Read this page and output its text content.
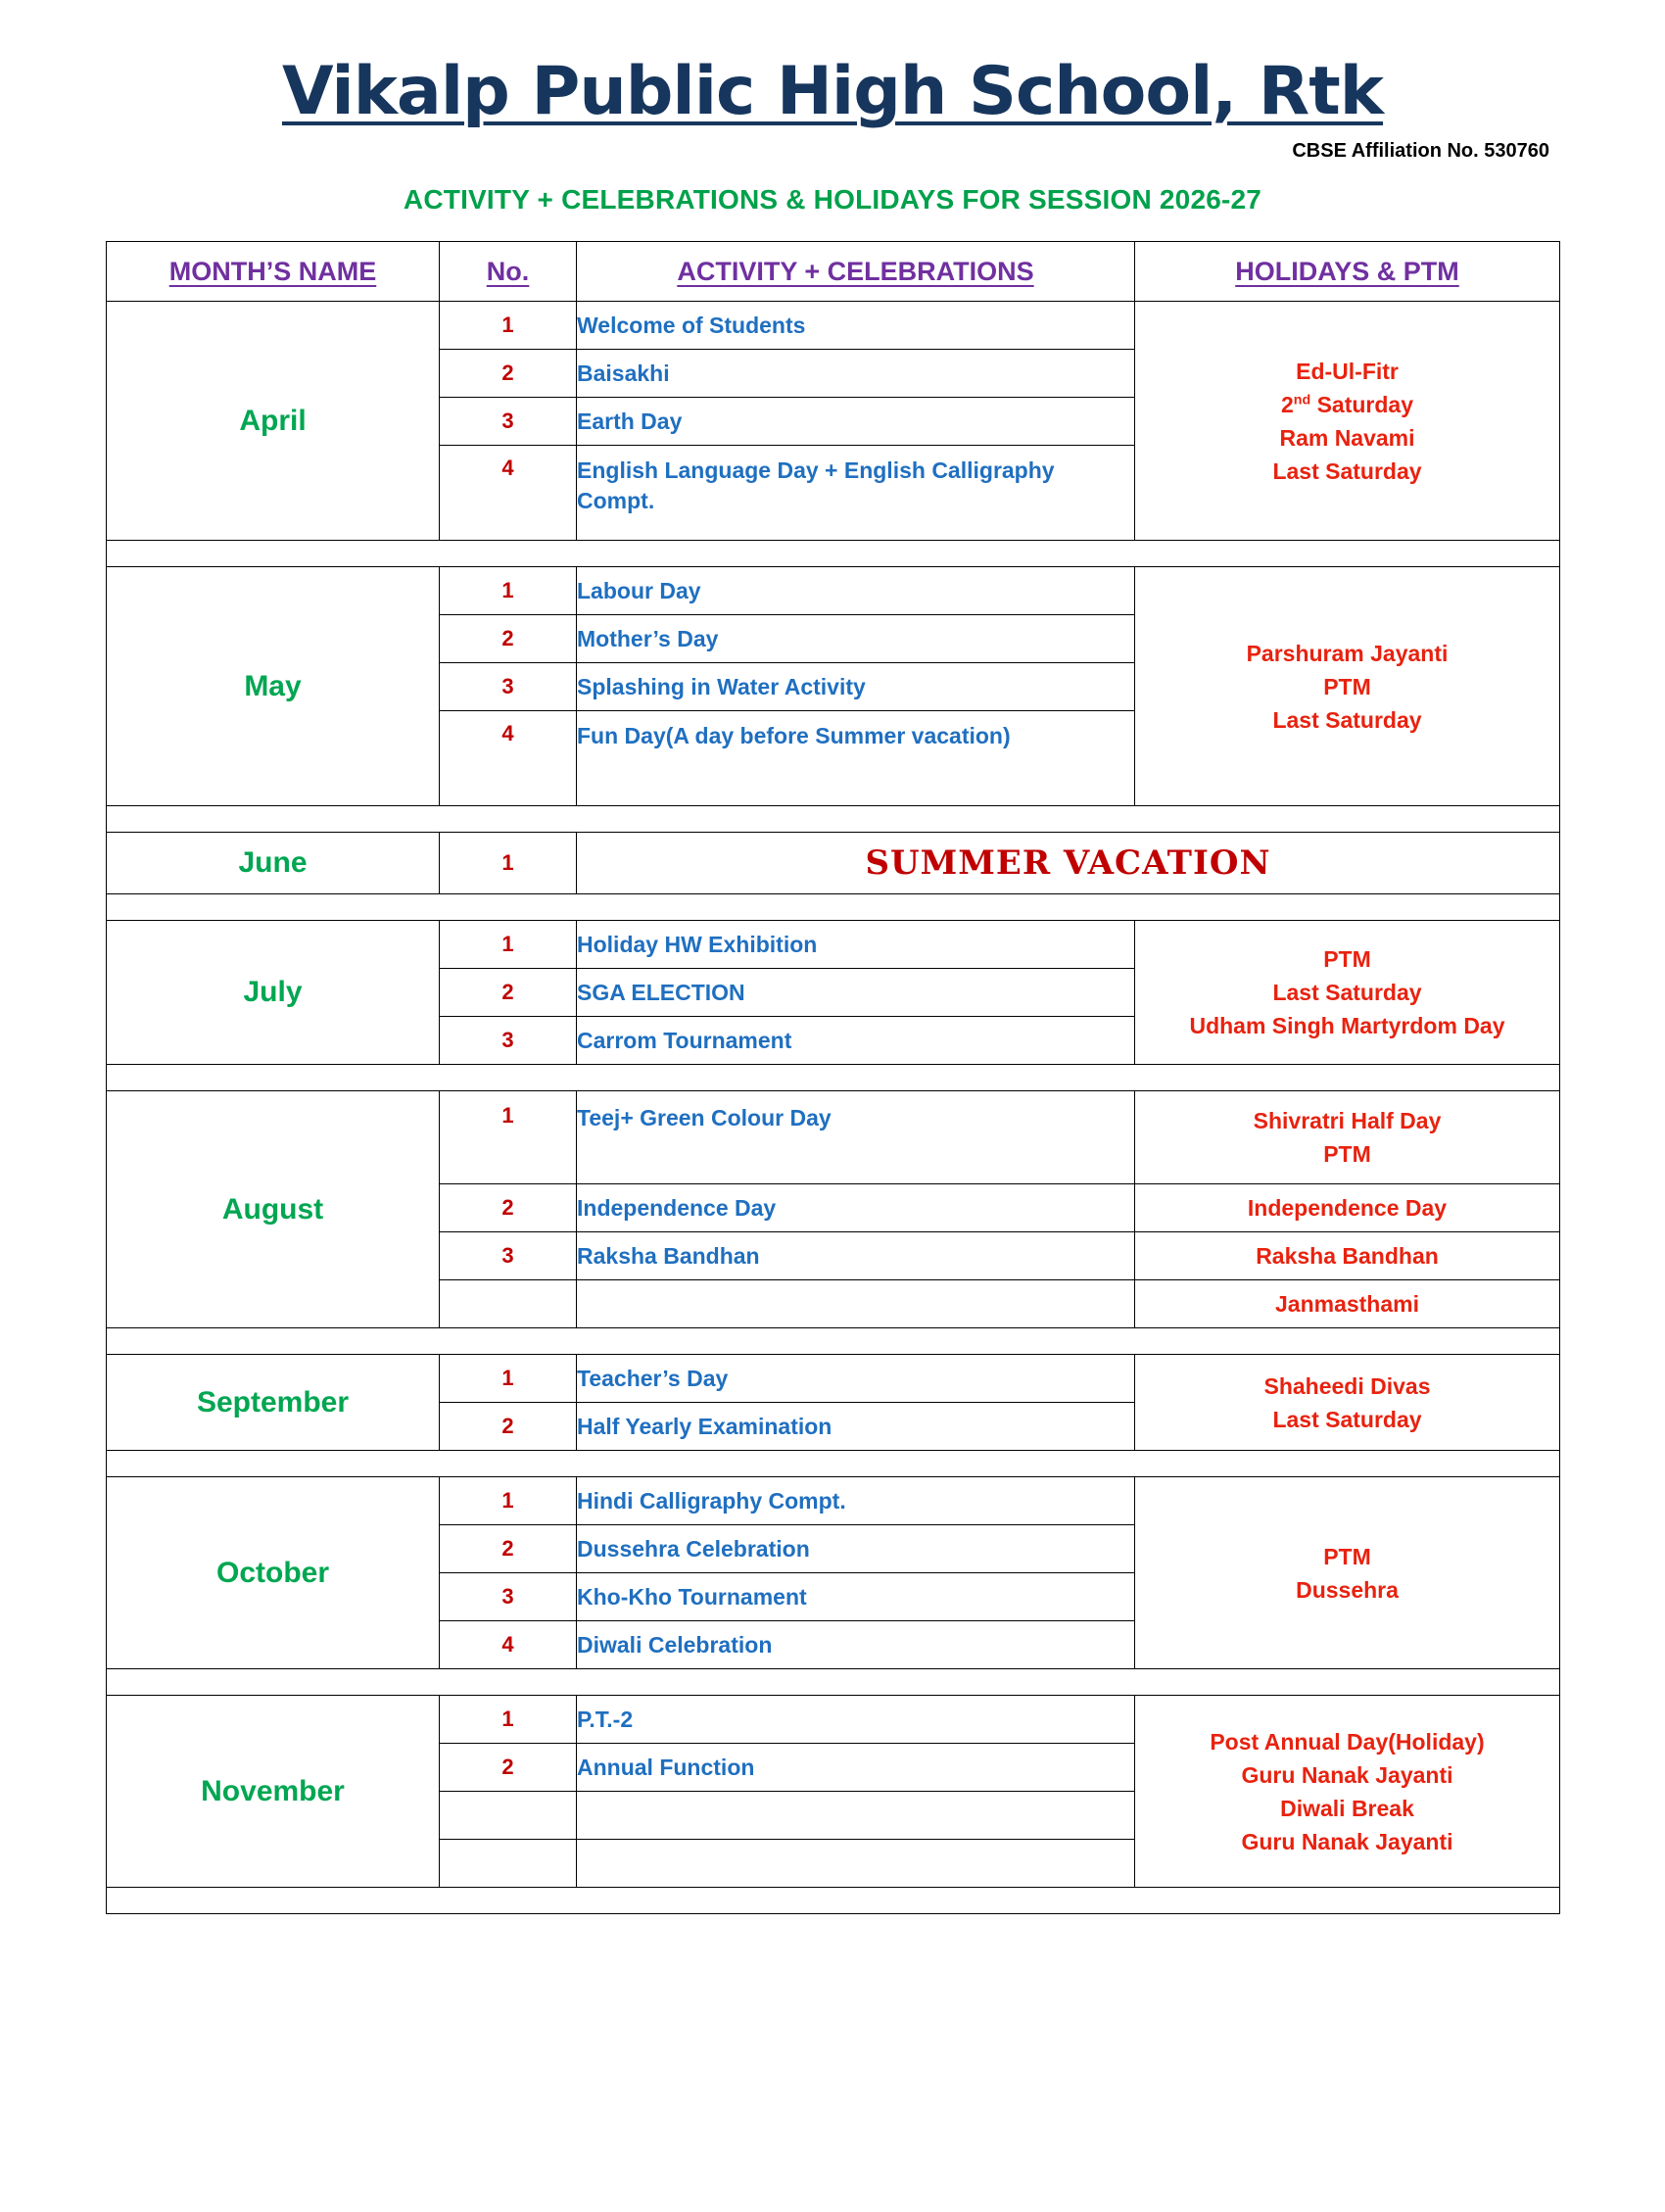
Vikalp Public High School, Rtk
CBSE Affiliation No. 530760
ACTIVITY + CELEBRATIONS & HOLIDAYS FOR SESSION 2026-27
MONTH’S NAME	No.	ACTIVITY + CELEBRATIONS	HOLIDAYS & PTM
April	1	Welcome of Students	Ed-Ul-Fitr
2nd Saturday
Ram Navami
Last Saturday

	2	Baisakhi	
	3	Earth Day	
	4	English Language Day + English Calligraphy Compt.	

May	1	Labour Day	Parshuram Jayanti
PTM
Last Saturday

	2	Mother’s Day	
	3	Splashing in Water Activity	
	4	Fun Day(A day before Summer vacation)	

June	1	SUMMER VACATION	

July	1	Holiday HW Exhibition	PTM
Last Saturday
Udham Singh Martyrdom Day

	2	SGA ELECTION	
	3	Carrom Tournament	

August	1	Teej+ Green Colour Day	Shivratri Half Day
PTM

	2	Independence Day	Independence Day
	3	Raksha Bandhan	Raksha Bandhan
			Janmasthami

September	1	Teacher’s Day	Shaheedi Divas
Last Saturday

	2	Half Yearly Examination	

October	1	Hindi Calligraphy Compt.	PTM
Dussehra

	2	Dussehra Celebration	
	3	Kho-Kho Tournament	
	4	Diwali Celebration	

November	1	P.T.-2	Post Annual Day(Holiday)
Guru Nanak Jayanti
Diwali Break
Guru Nanak Jayanti

	2	Annual Function	
